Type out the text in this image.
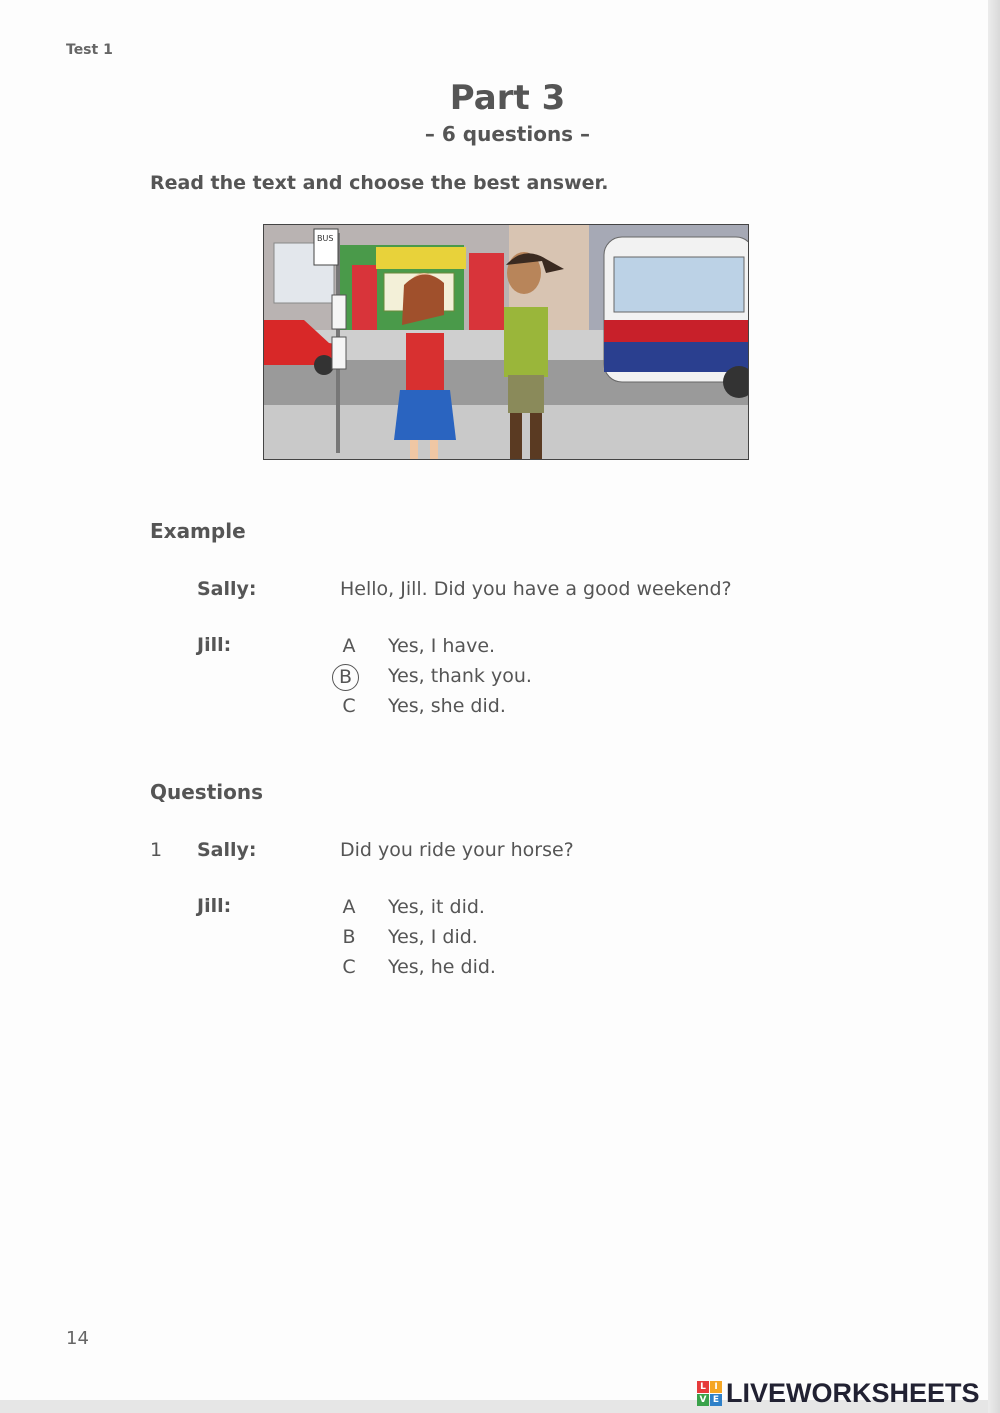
Test 1
Part 3
– 6 questions –
Read the text and choose the best answer.
BUS
Example
Sally:	Hello, Jill. Did you have a good weekend?
Jill:	A Yes, I have.
B	Yes, thank you.
C Yes, she did.
Questions
1 Sally:	Did you ride your horse?
Jill:	A Yes, it did.
B Yes, I did.
C Yes, he did.
14
L I
V E LIVEWORKSHEETS
